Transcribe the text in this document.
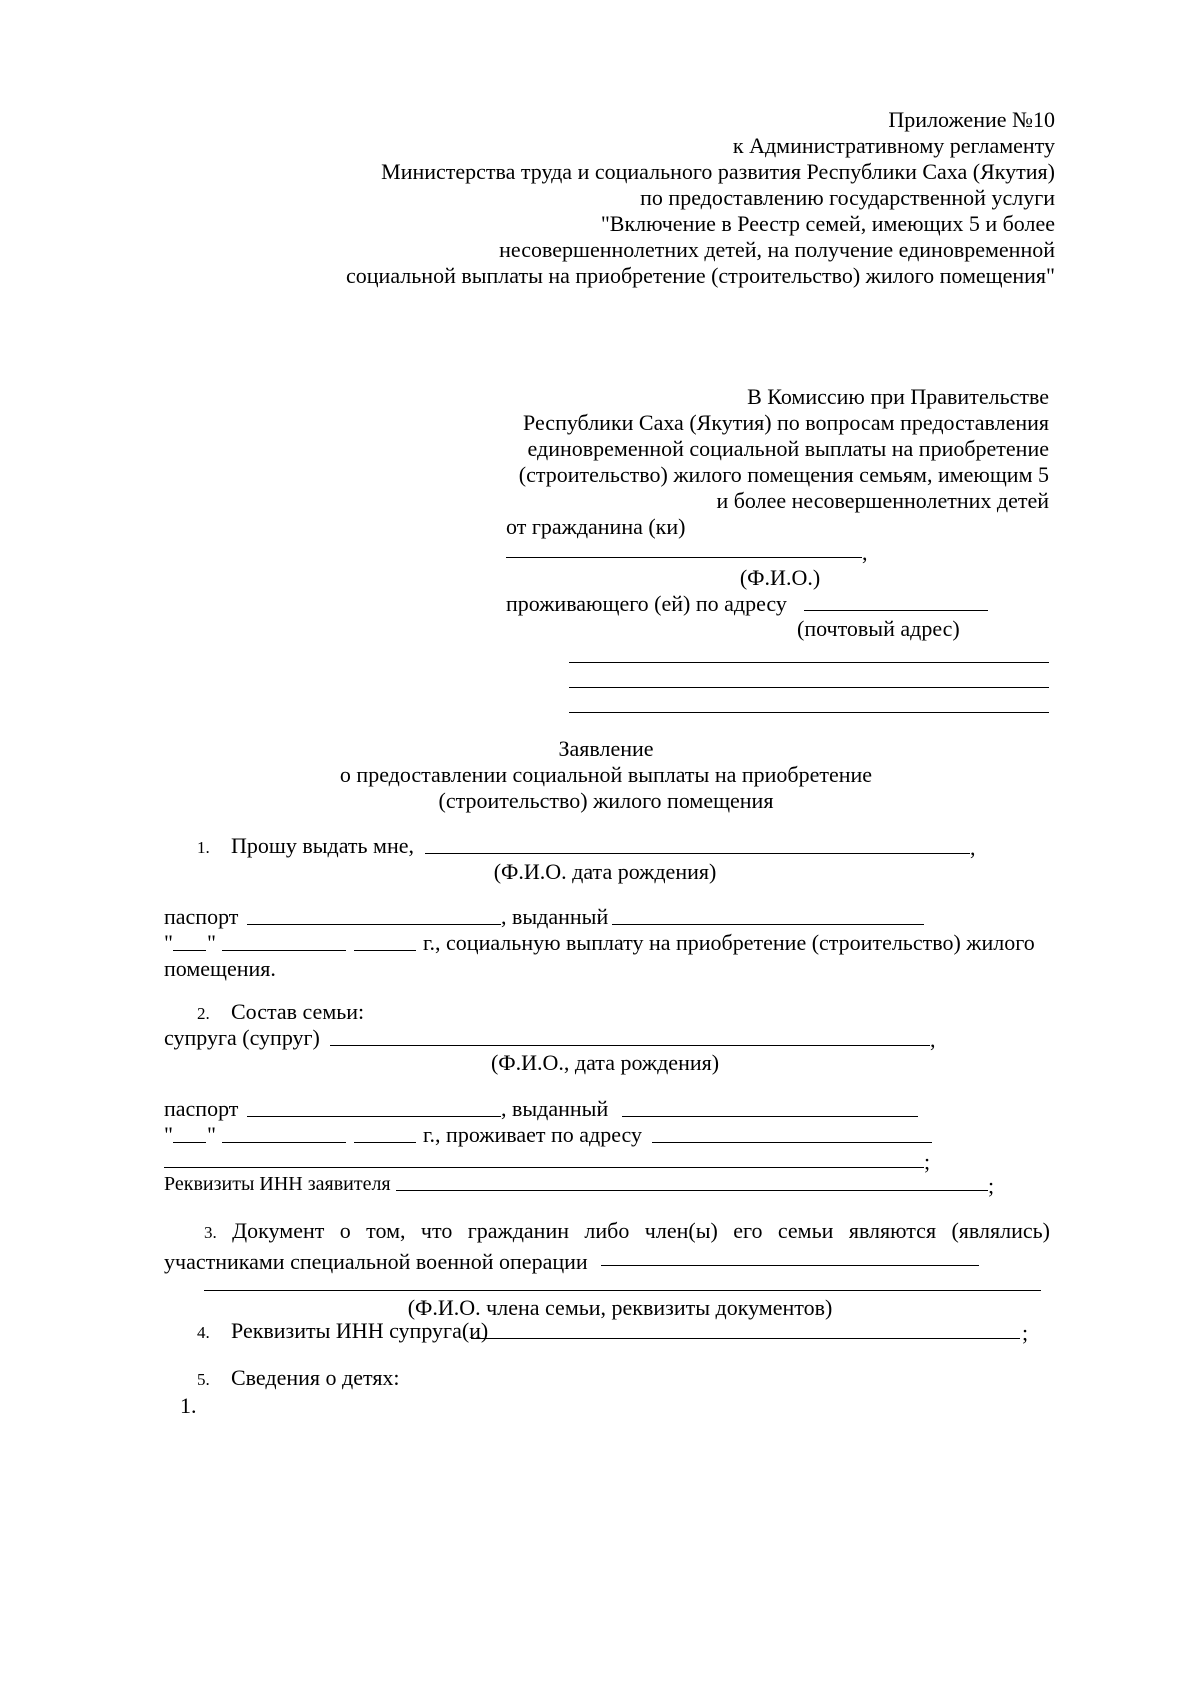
Приложение №10
к Административному регламенту
Министерства труда и социального развития Республики Саха (Якутия)
по предоставлению государственной услуги
"Включение в Реестр семей, имеющих 5 и более
несовершеннолетних детей, на получение единовременной
социальной выплаты на приобретение (строительство) жилого помещения"
В Комиссию при Правительстве
Республики Саха (Якутия) по вопросам предоставления
единовременной социальной выплаты на приобретение
(строительство) жилого помещения семьям, имеющим 5
и более несовершеннолетних детей
от гражданина (ки)
,
(Ф.И.О.)
проживающего (ей) по адресу
(почтовый адрес)
Заявление
о предоставлении социальной выплаты на приобретение
(строительство) жилого помещения
1. Прошу выдать мне,	,
(Ф.И.О. дата рождения)
паспорт	, выданный
" "	г., социальную выплату на приобретение (строительство) жилого
помещения.
2. Состав семьи:
супруга (супруг)	,
(Ф.И.О., дата рождения)
паспорт	, выданный
" "	г., проживает по адресу
;
Реквизиты ИНН заявителя	;
3. Документ о том, что гражданин либо член(ы) его семьи являются (являлись) участниками специальной военной операции
(Ф.И.О. члена семьи, реквизиты документов)
4. Реквизиты ИНН супруга(и)	;
5. Сведения о детях:
1.
